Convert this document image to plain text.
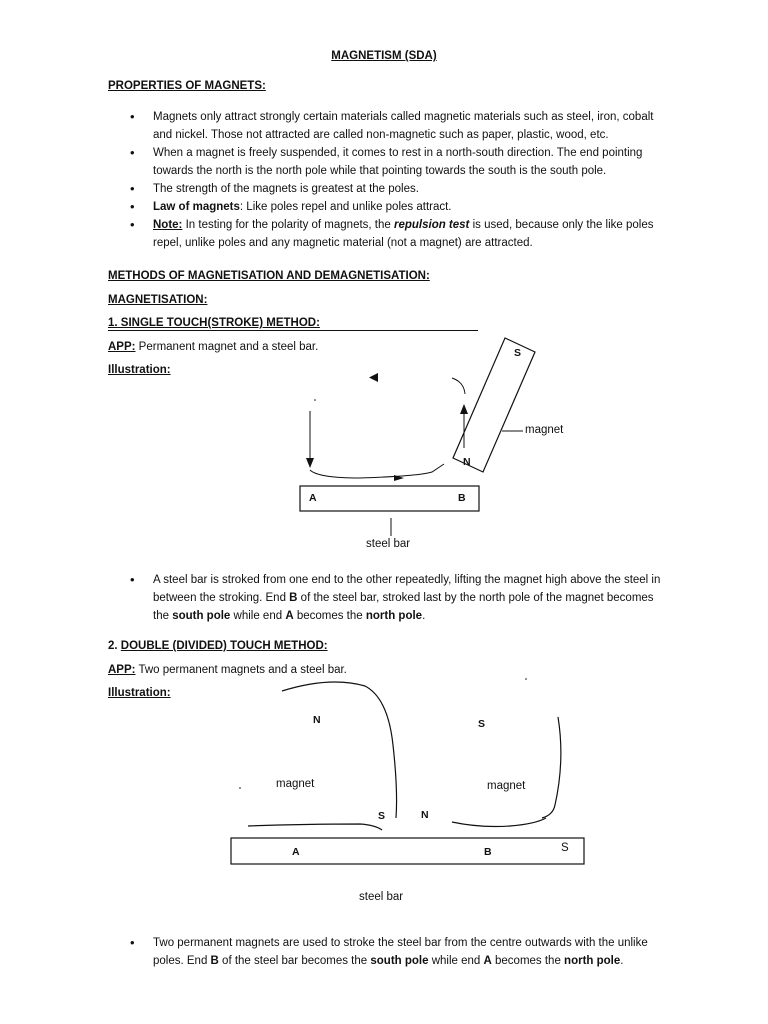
MAGNETISM (SDA)
PROPERTIES OF MAGNETS:
• Magnets only attract strongly certain materials called magnetic materials such as steel, iron, cobalt and nickel. Those not attracted are called non-magnetic such as paper, plastic, wood, etc.
• When a magnet is freely suspended, it comes to rest in a north-south direction. The end pointing towards the north is the north pole while that pointing towards the south is the south pole.
• The strength of the magnets is greatest at the poles.
• Law of magnets: Like poles repel and unlike poles attract.
• Note: In testing for the polarity of magnets, the repulsion test is used, because only the like poles repel, unlike poles and any magnetic material (not a magnet) are attracted.
METHODS OF MAGNETISATION AND DEMAGNETISATION:
MAGNETISATION:
1. SINGLE TOUCH(STROKE) METHOD:
APP: Permanent magnet and a steel bar.
Illustration:
S
N
magnet
A	B
steel bar
• A steel bar is stroked from one end to the other repeatedly, lifting the magnet high above the steel in between the stroking. End B of the steel bar, stroked last by the north pole of the magnet becomes the south pole while end A becomes the north pole.
2. DOUBLE (DIVIDED) TOUCH METHOD:
APP: Two permanent magnets and a steel bar.
Illustration:
N	S
magnet	magnet
S	N
A	B	S
steel bar
• Two permanent magnets are used to stroke the steel bar from the centre outwards with the unlike poles. End B of the steel bar becomes the south pole while end A becomes the north pole.
